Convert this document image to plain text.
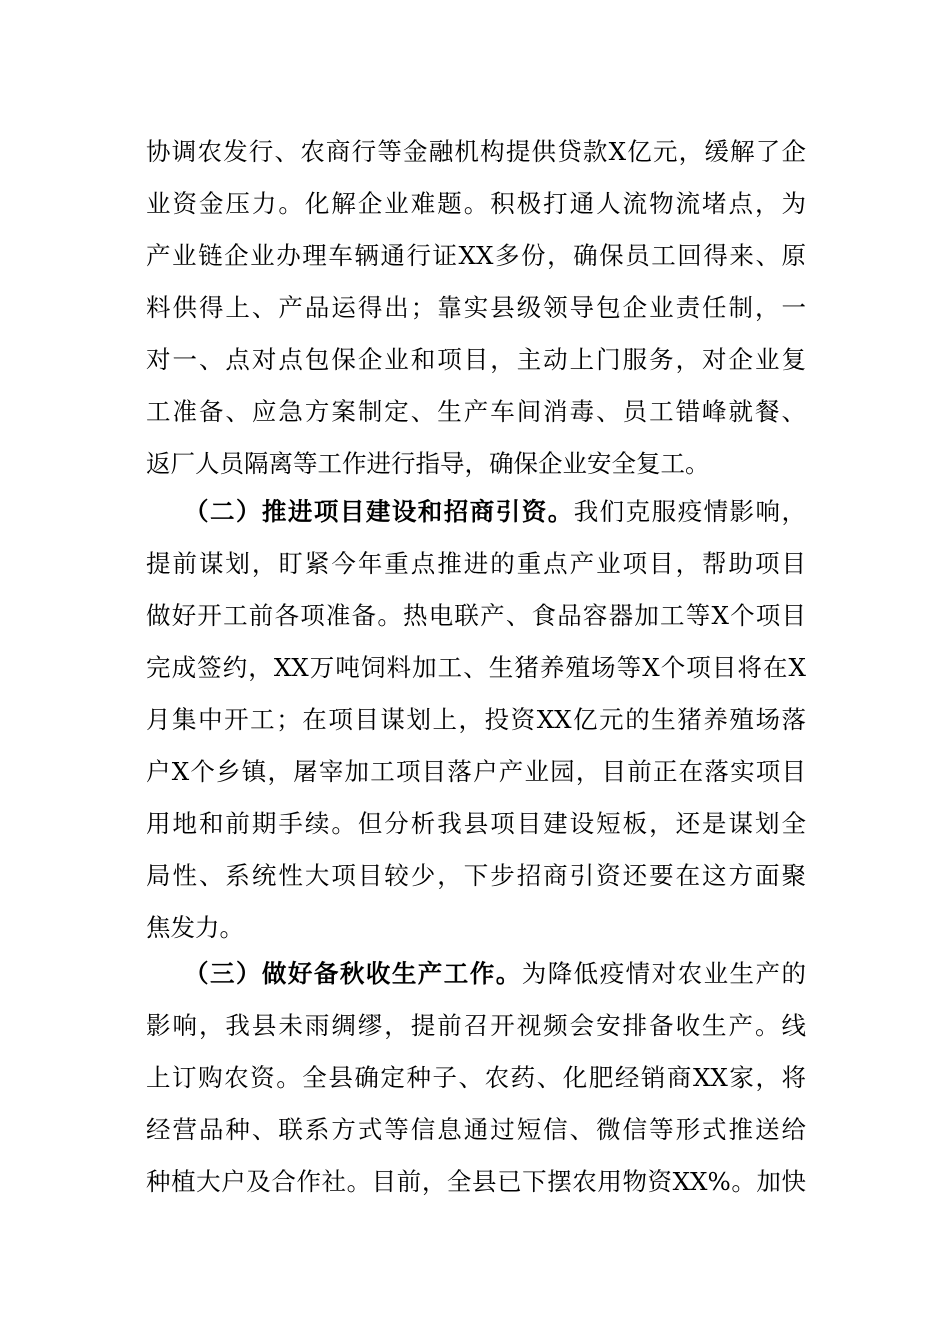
协调农发行、农商行等金融机构提供贷款X亿元，缓解了企
业资金压力。化解企业难题。积极打通人流物流堵点，为
产业链企业办理车辆通行证XX多份，确保员工回得来、原
料供得上、产品运得出；靠实县级领导包企业责任制，一
对一、点对点包保企业和项目，主动上门服务，对企业复
工准备、应急方案制定、生产车间消毒、员工错峰就餐、
返厂人员隔离等工作进行指导，确保企业安全复工。
（二）推进项目建设和招商引资。我们克服疫情影响，
提前谋划，盯紧今年重点推进的重点产业项目，帮助项目
做好开工前各项准备。热电联产、食品容器加工等X个项目
完成签约，XX万吨饲料加工、生猪养殖场等X个项目将在X
月集中开工；在项目谋划上，投资XX亿元的生猪养殖场落
户X个乡镇，屠宰加工项目落户产业园，目前正在落实项目
用地和前期手续。但分析我县项目建设短板，还是谋划全
局性、系统性大项目较少，下步招商引资还要在这方面聚
焦发力。
（三）做好备秋收生产工作。为降低疫情对农业生产的
影响，我县未雨绸缪，提前召开视频会安排备收生产。线
上订购农资。全县确定种子、农药、化肥经销商XX家，将
经营品种、联系方式等信息通过短信、微信等形式推送给
种植大户及合作社。目前，全县已下摆农用物资XX%。加快
